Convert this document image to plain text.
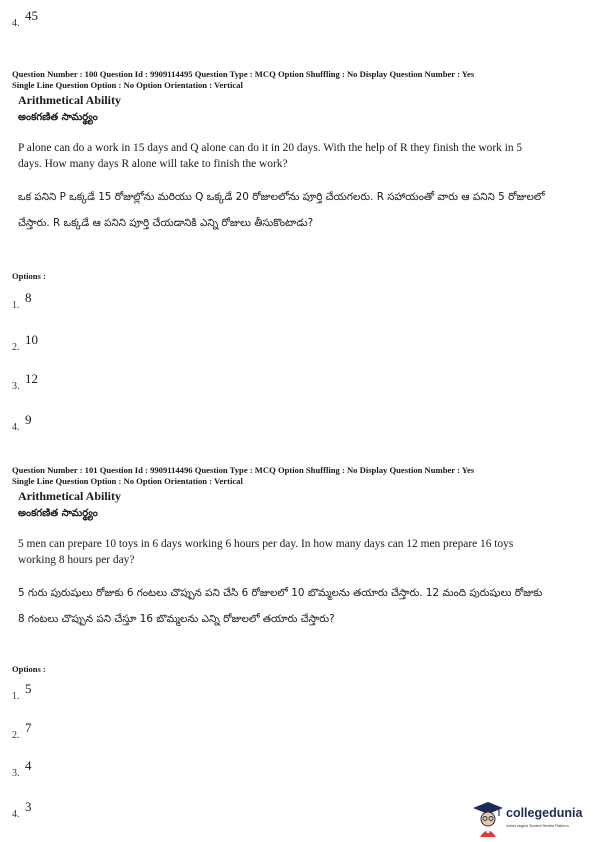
4.
45
Question Number : 100 Question Id : 9909114495 Question Type : MCQ Option Shuffling : No Display Question Number : Yes
Single Line Question Option : No Option Orientation : Vertical
Arithmetical Ability
అంకగణిత సామర్థ్యం
P alone can do a work in 15 days and Q alone can do it in 20 days. With the help of R they finish the work in 5 days. How many days R alone will take to finish the work?
ఒక పనిని P ఒక్కడే 15 రోజుల్లోను మరియు Q ఒక్కడే 20 రోజులలోను పూర్తి చేయగలరు. R సహాయంతో వారు ఆ పనిని 5 రోజులలో చేస్తారు. R ఒక్కడే ఆ పనిని పూర్తి చేయడానికి ఎన్ని రోజులు తీసుకొంటాడు?
Options :
1.
8
2.
10
3.
12
4.
9
Question Number : 101 Question Id : 9909114496 Question Type : MCQ Option Shuffling : No Display Question Number : Yes
Single Line Question Option : No Option Orientation : Vertical
Arithmetical Ability
అంకగణిత సామర్థ్యం
5 men can prepare 10 toys in 6 days working 6 hours per day. In how many days can 12 men prepare 16 toys working 8 hours per day?
5 గురు పురుషులు రోజుకు 6 గంటలు చొప్పున పని చేసి 6 రోజులలో 10 బొమ్మలను తయారు చేస్తారు. 12 మంది పురుషులు రోజుకు 8 గంటలు చొప్పున పని చేస్తూ 16 బొమ్మలను ఎన్ని రోజులలో తయారు చేస్తారు?
Options :
1.
5
2.
7
3.
4
4.
3	collegedunia
India's largest Student Review Platform
